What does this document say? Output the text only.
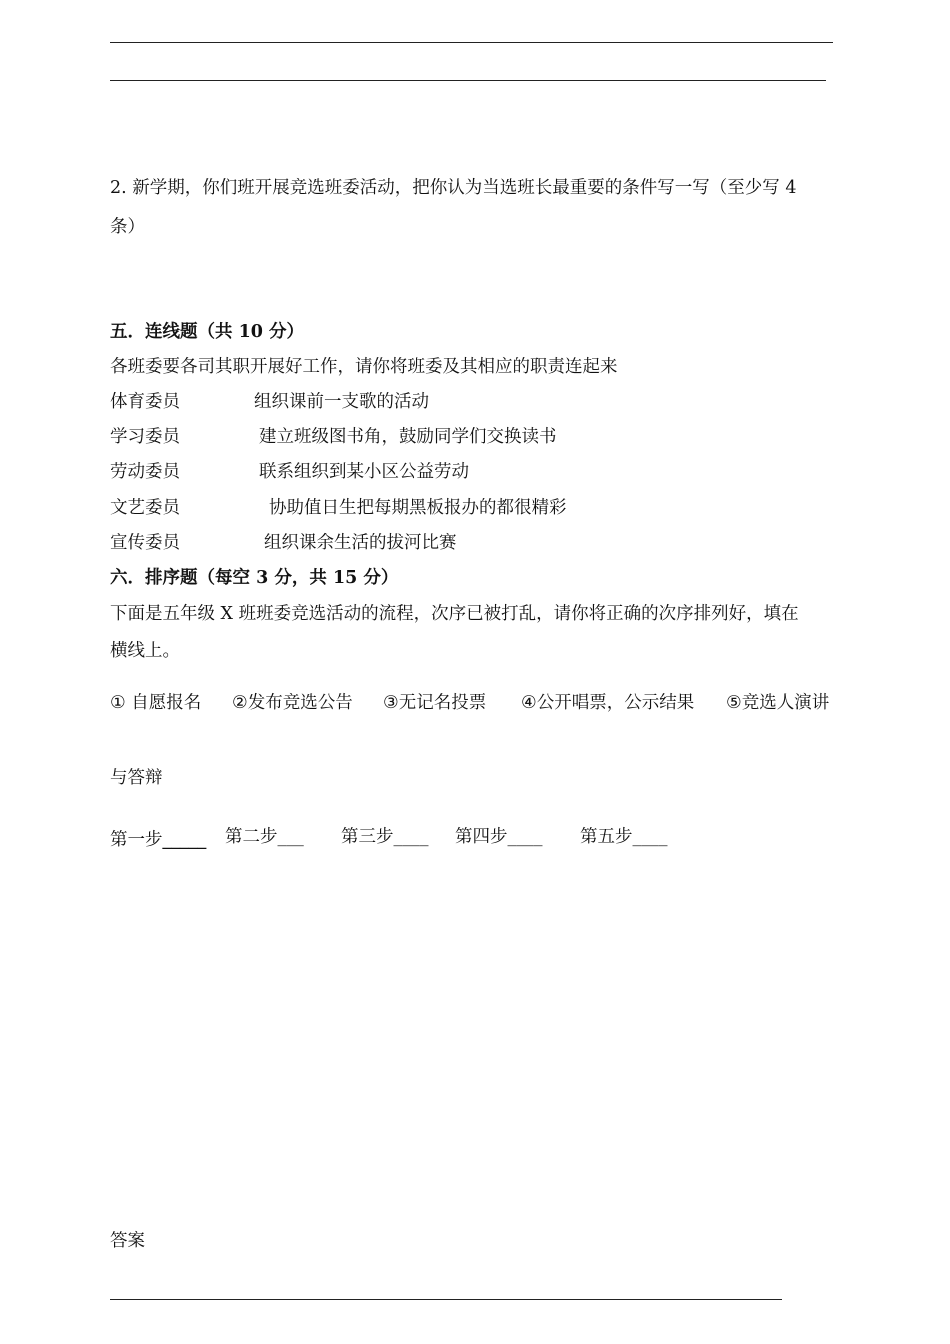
2. 新学期，你们班开展竞选班委活动，把你认为当选班长最重要的条件写一写（至少写 4
条）
五．连线题（共 10 分）
各班委要各司其职开展好工作，请你将班委及其相应的职责连起来
体育委员	组织课前一支歌的活动
学习委员	建立班级图书角，鼓励同学们交换读书
劳动委员	联系组织到某小区公益劳动
文艺委员	协助值日生把每期黑板报办的都很精彩
宣传委员	组织课余生活的拔河比赛
六．排序题（每空 3 分，共 15 分）
下面是五年级 X 班班委竞选活动的流程，次序已被打乱，请你将正确的次序排列好，填在
横线上。
① 自愿报名 ②发布竞选公告 ③无记名投票 ④公开唱票，公示结果 ⑤竞选人演讲
与答辩
第一步_____ 第二步___ 第三步____ 第四步____ 第五步____
答案
